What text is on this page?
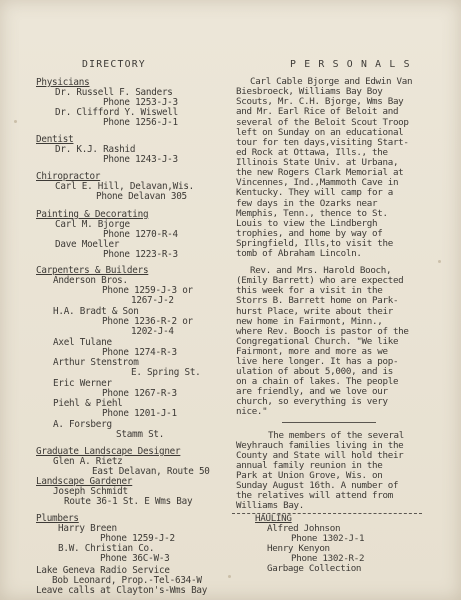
DIRECTORY
Physicians
Dr. Russell F. Sanders
Phone 1253-J-3
Dr. Clifford Y. Wiswell
Phone 1256-J-1
Dentist
Dr. K.J. Rashid
Phone 1243-J-3
Chiropractor
Carl E. Hill, Delavan,Wis.
Phone Delavan 305
Painting & Decorating
Carl M. Bjorge
Phone 1270-R-4
Dave Moeller
Phone 1223-R-3
Carpenters & Builders
Anderson Bros.
Phone 1259-J-3 or
1267-J-2
H.A. Bradt & Son
Phone 1236-R-2 or
1202-J-4
Axel Tulane
Phone 1274-R-3
Arthur Stenstrom
E. Spring St.
Eric Werner
Phone 1267-R-3
Piehl & Piehl
Phone 1201-J-1
A. Forsberg
Stamm St.
Graduate Landscape Designer
Glen A. Rietz
East Delavan, Route 50
Landscape Gardener
Joseph Schmidt
Route 36-1 St. E Wms Bay
Plumbers
Harry Breen
Phone 1259-J-2
B.W. Christian Co.
Phone 36C-W-3
Lake Geneva Radio Service
Bob Leonard, Prop.-Tel-634-W
Leave calls at Clayton's-Wms Bay
P E R S O N A L S
Carl Cable Bjorge and Edwin Van
Biesbroeck, Williams Bay Boy
Scouts, Mr. C.H. Bjorge, Wms Bay
and Mr. Earl Rice of Beloit and
several of the Beloit Scout Troop
left on Sunday on an educational
tour for ten days,visiting Start-
ed Rock at Ottawa, Ills., the
Illinois State Univ. at Urbana,
the new Rogers Clark Memorial at
Vincennes, Ind.,Mammoth Cave in
Kentucky. They will camp for a
few days in the Ozarks near
Memphis, Tenn., thence to St.
Louis to view the Lindbergh
trophies, and home by way of
Springfield, Ills,to visit the
tomb of Abraham Lincoln.
Rev. and Mrs. Harold Booch,
(Emily Barrett) who are expected
this week for a visit in the
Storrs B. Barrett home on Park-
hurst Place, write about their
new home in Fairmont, Minn.,
where Rev. Booch is pastor of the
Congregational Church. "We like
Fairmont, more and more as we
live here longer. It has a pop-
ulation of about 5,000, and is
on a chain of lakes. The people
are friendly, and we love our
church, so everything is very
nice."
The members of the several
Weyhrauch families living in the
County and State will hold their
annual family reunion in the
Park at Union Grove, Wis. on
Sunday August 16th. A number of
the relatives will attend from
Williams Bay.
HAULING
Alfred Johnson
Phone 1302-J-1
Henry Kenyon
Phone 1302-R-2
Garbage Collection
